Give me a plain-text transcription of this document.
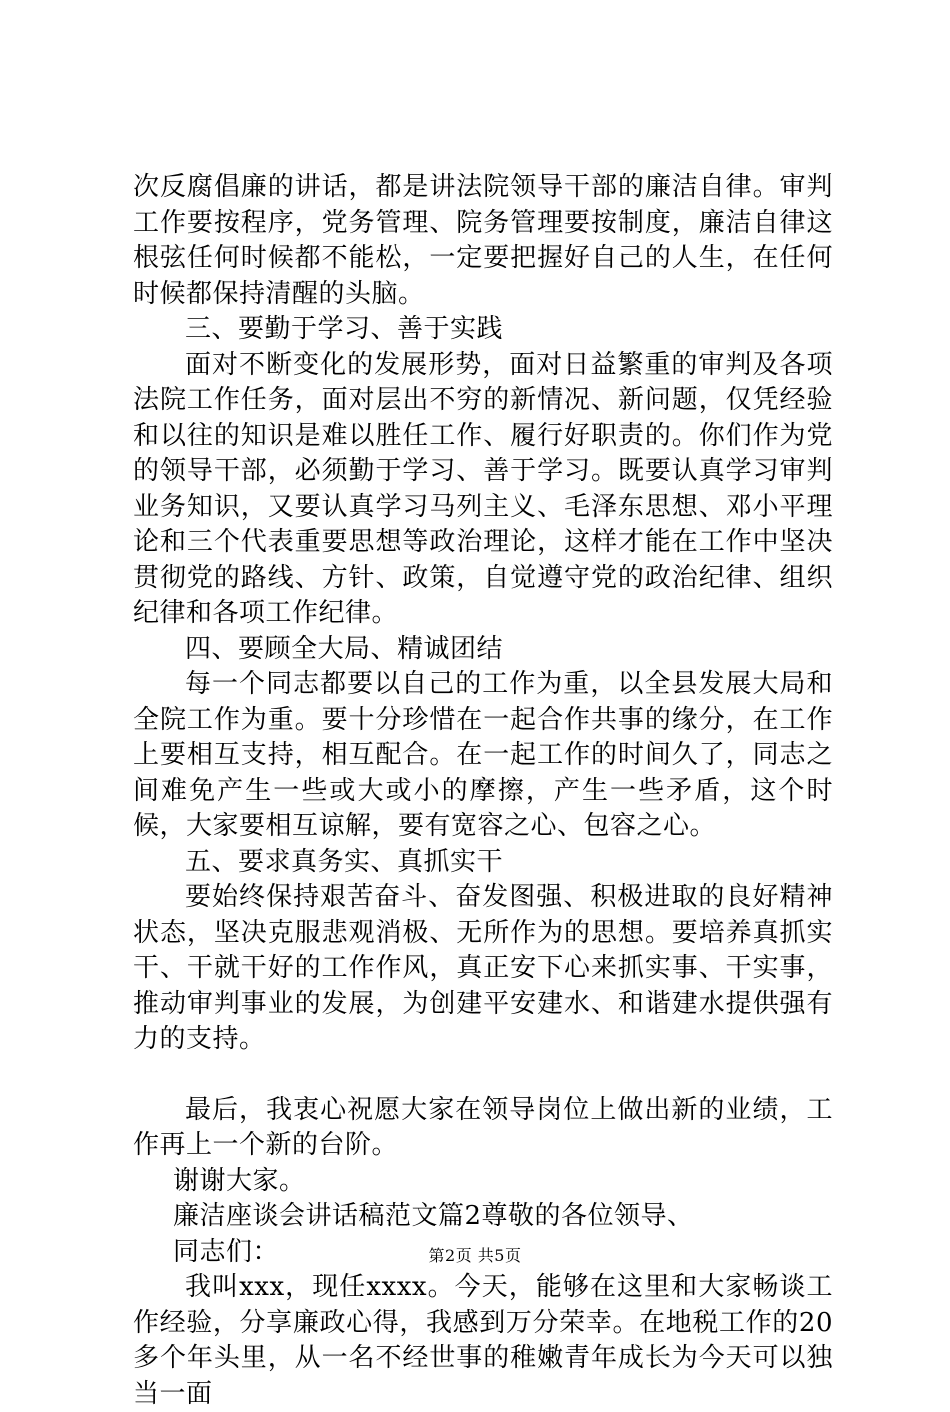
次反腐倡廉的讲话，都是讲法院领导干部的廉洁自律。审判工作要按程序，党务管理、院务管理要按制度，廉洁自律这根弦任何时候都不能松，一定要把握好自己的人生，在任何时候都保持清醒的头脑。

三、要勤于学习、善于实践

面对不断变化的发展形势，面对日益繁重的审判及各项法院工作任务，面对层出不穷的新情况、新问题，仅凭经验和以往的知识是难以胜任工作、履行好职责的。你们作为党的领导干部，必须勤于学习、善于学习。既要认真学习审判业务知识，又要认真学习马列主义、毛泽东思想、邓小平理论和三个代表重要思想等政治理论，这样才能在工作中坚决贯彻党的路线、方针、政策，自觉遵守党的政治纪律、组织纪律和各项工作纪律。

四、要顾全大局、精诚团结

每一个同志都要以自己的工作为重，以全县发展大局和全院工作为重。要十分珍惜在一起合作共事的缘分，在工作上要相互支持，相互配合。在一起工作的时间久了，同志之间难免产生一些或大或小的摩擦，产生一些矛盾，这个时候，大家要相互谅解，要有宽容之心、包容之心。

五、要求真务实、真抓实干

要始终保持艰苦奋斗、奋发图强、积极进取的良好精神状态，坚决克服悲观消极、无所作为的思想。要培养真抓实干、干就干好的工作作风，真正安下心来抓实事、干实事，推动审判事业的发展，为创建平安建水、和谐建水提供强有力的支持。

最后，我衷心祝愿大家在领导岗位上做出新的业绩，工作再上一个新的台阶。

谢谢大家。

廉洁座谈会讲话稿范文篇2尊敬的各位领导、

同志们：

我叫xxx，现任xxxx。今天，能够在这里和大家畅谈工作经验，分享廉政心得，我感到万分荣幸。在地税工作的20多个年头里，从一名不经世事的稚嫩青年成长为今天可以独当一面

第2页 共5页
